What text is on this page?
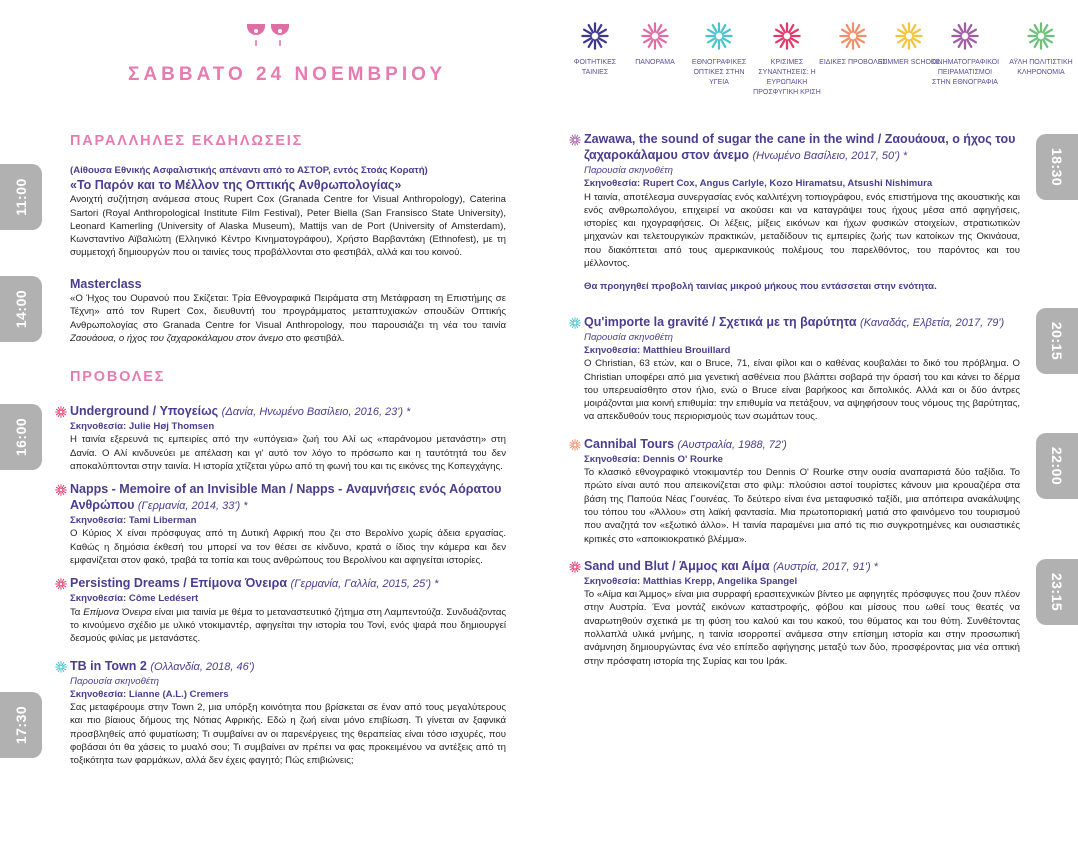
ΣΑΒΒΑΤΟ 24 ΝΟΕΜΒΡΙΟΥ
ΦΟΙΤΗΤΙΚΕΣ ΤΑΙΝΙΕΣ
ΠΑΝΟΡΑΜΑ	ΕΘΝΟΓΡΑΦΙΚΕΣ ΟΠΤΙΚΕΣ ΣΤΗΝ ΥΓΕΙΑ
ΚΡΙΣΙΜΕΣ ΣΥΝΑΝΤΗΣΕΙΣ: Η ΕΥΡΩΠΑΙΚΗ ΠΡΟΣΦΥΓΙΚΗ ΚΡΙΣΗ
ΕΙΔΙΚΕΣ ΠΡΟΒΟΛΕΣ
SUMMER SCHOOL
ΚΙΝΗΜΑΤΟΓΡΑΦΙΚΟΙ ΠΕΙΡΑΜΑΤΙΣΜΟΙ ΣΤΗΝ ΕΘΝΟΓΡΑΦΙΑ
ΑΫΛΗ ΠΟΛΙΤΙΣΤΙΚΗ ΚΛΗΡΟΝΟΜΙΑ
11:00
14:00
16:00
17:30
18:30
20:15
22:00
23:15
ΠΑΡΑΛΛΗΛΕΣ ΕΚΔΗΛΩΣΕΙΣ
ΠΡΟΒΟΛΕΣ
(Αίθουσα Εθνικής Ασφαλιστικής απέναντι από το ΑΣΤΟΡ, εντός Στοάς Κορατή)
«Το Παρόν και το Μέλλον της Οπτικής Ανθρωπολογίας»

Ανοιχτή συζήτηση ανάμεσα στους Rupert Cox (Granada Centre for Visual Anthropology), Caterina Sartori (Royal Anthropological Institute Film Festival), Peter Biella (San Fransisco State University), Leonard Kamerling (University of Alaska Museum), Mattijs van de Port (University of Amsterdam), Κωνσταντίνο Αϊβαλιώτη (Ελληνικό Κέντρο Κινηματογράφου), Χρήστο Βαρβαντάκη (Ethnofest), με τη συμμετοχή δημιουργών που οι ταινίες τους προβάλλονται στο φεστιβάλ, αλλά και του κοινού.

Masterclass

«Ο Ήχος του Ουρανού που Σκίζεται: Τρία Εθνογραφικά Πειράματα στη Μετάφραση τη Επιστήμης σε Τέχνη» από τον Rupert Cox, διευθυντή του προγράμματος μεταπτυχιακών σπουδών Οπτικής Ανθρωπολογίας στο Granada Centre for Visual Anthropology, που παρουσιάζει τη νέα του ταινία Ζαουάουα, ο ήχος του ζαχαροκάλαμου στον άνεμο στο φεστιβάλ.

Underground / Υπογείως (Δανία, Ηνωμένο Βασίλειο, 2016, 23') *
Σκηνοθεσία: Julie Høj Thomsen

Η ταινία εξερευνά τις εμπειρίες από την «υπόγεια» ζωή του Αλί ως «παράνομου μετανάστη» στη Δανία. Ο Αλί κινδυνεύει με απέλαση και γι' αυτό τον λόγο το πρόσωπο και η ταυτότητά του δεν αποκαλύπτονται στην ταινία. Η ιστορία χτίζεται γύρω από τη φωνή του και τις εικόνες της Κοπεγχάγης.

Napps - Memoire of an Invisible Man / Napps - Αναμνήσεις ενός Αόρατου Ανθρώπου (Γερμανία, 2014, 33') *
Σκηνοθεσία: Tami Liberman

Ο Κύριος Χ είναι πρόσφυγας από τη Δυτική Αφρική που ζει στο Βερολίνο χωρίς άδεια εργασίας. Καθώς η δημόσια έκθεσή του μπορεί να τον θέσει σε κίνδυνο, κρατά ο ίδιος την κάμερα και δεν εμφανίζεται στον φακό, τραβά τα τοπία και τους ανθρώπους του Βερολίνου και αφηγείται ιστορίες.

Persisting Dreams / Επίμονα Όνειρα (Γερμανία, Γαλλία, 2015, 25') *
Σκηνοθεσία: Côme Ledésert

Τα Επίμονα Όνειρα είναι μια ταινία με θέμα το μεταναστευτικό ζήτημα στη Λαμπεντούζα. Συνδυάζοντας το κινούμενο σχέδιο με υλικό ντοκιμαντέρ, αφηγείται την ιστορία του Τονί, ενός ψαρά που δημιουργεί δεσμούς φιλίας με μετανάστες.

TB in Town 2 (Ολλανδία, 2018, 46')
Παρουσία σκηνοθέτη
Σκηνοθεσία: Lianne (A.L.) Cremers

Σας μεταφέρουμε στην Town 2, μια υπόρξη κοινότητα που βρίσκεται σε έναν από τους μεγαλύτερους και πιο βίαιους δήμους της Νότιας Αφρικής. Εδώ η ζωή είναι μόνο επιβίωση. Τι γίνεται αν ξαφνικά προσβληθείς από φυματίωση; Τι συμβαίνει αν οι παρενέργειες της θεραπείας είναι τόσο ισχυρές, που φοβάσαι ότι θα χάσεις το μυαλό σου; Τι συμβαίνει αν πρέπει να φας προκειμένου να αντέξεις από τη τοξικότητα των φαρμάκων, αλλά δεν έχεις φαγητό; Πώς επιβιώνεις;

Zawawa, the sound of sugar the cane in the wind / Ζαουάουα, ο ήχος του ζαχαροκάλαμου στον άνεμο (Ηνωμένο Βασίλειο, 2017, 50') *
Παρουσία σκηνοθέτη
Σκηνοθεσία: Rupert Cox, Angus Carlyle, Kozo Hiramatsu, Atsushi Nishimura

Η ταινία, αποτέλεσμα συνεργασίας ενός καλλιτέχνη τοπιογράφου, ενός επιστήμονα της ακουστικής και ενός ανθρωπολόγου, επιχειρεί να ακούσει και να καταγράψει τους ήχους μέσα από αφηγήσεις, ιστορίες και ηχογραφήσεις. Οι λέξεις, μίξεις εικόνων και ήχων φυσικών στοιχείων, στρατιωτικών μηχανών και τελετουργικών πρακτικών, μεταδίδουν τις εμπειρίες ζωής των κατοίκων της Οκινάουα, που διακόπτεται από τους αμερικανικούς πολέμους του παρελθόντος, του παρόντος και του μέλλοντος.

Θα προηγηθεί προβολή ταινίας μικρού μήκους που εντάσσεται στην ενότητα.

Qu'importe la gravité / Σχετικά με τη βαρύτητα (Καναδάς, Ελβετία, 2017, 79')
Παρουσία σκηνοθέτη
Σκηνοθεσία: Matthieu Brouillard

Ο Christian, 63 ετών, και ο Bruce, 71, είναι φίλοι και ο καθένας κουβαλάει το δικό του πρόβλημα. Ο Christian υποφέρει από μια γενετική ασθένεια που βλάπτει σοβαρά την όρασή του και κάνει το δέρμα του υπερευαίσθητο στον ήλιο, ενώ ο Bruce είναι βαρήκοος και διπολικός. Αλλά και οι δύο άντρες μοιράζονται μια κοινή επιθυμία: την επιθυμία να πετάξουν, να αψηφήσουν τους νόμους της βαρύτητας, να απεκδυθούν τους περιορισμούς των σωμάτων τους.

Cannibal Tours (Αυστραλία, 1988, 72')
Σκηνοθεσία: Dennis O' Rourke

Το κλασικό εθνογραφικό ντοκιμαντέρ του Dennis O' Rourke στην ουσία αναπαριστά δύο ταξίδια. Το πρώτο είναι αυτό που απεικονίζεται στο φιλμ: πλούσιοι αστοί τουρίστες κάνουν μια κρουαζιέρα στα βάση της Παπούα Νέας Γουινέας. Το δεύτερο είναι ένα μεταφυσικό ταξίδι, μια απόπειρα ανακάλυψης του τόπου του «Άλλου» στη λαϊκή φαντασία. Μια πρωτοποριακή ματιά στο φαινόμενο του τουρισμού που αναζητά τον «εξωτικό άλλο». Η ταινία παραμένει μια από τις πιο συγκροτημένες και ουσιαστικές κριτικές στο «αποικιοκρατικό βλέμμα».

Sand und Blut / Άμμος και Αίμα (Αυστρία, 2017, 91') *
Σκηνοθεσία: Matthias Krepp, Angelika Spangel

Το «Αίμα και Άμμος» είναι μια συρραφή ερασιτεχνικών βίντεο με αφηγητές πρόσφυγες που ζουν πλέον στην Αυστρία. Ένα μοντάζ εικόνων καταστροφής, φόβου και μίσους που ωθεί τους θεατές να αναρωτηθούν σχετικά με τη φύση του καλού και του κακού, του θύματος και του θύτη. Συνθέτοντας πολλαπλά υλικά μνήμης, η ταινία ισορροπεί ανάμεσα στην επίσημη ιστορία και στην προσωπική ανάμνηση δημιουργώντας ένα νέο επίπεδο αφήγησης μεταξύ των δύο, προσφέροντας μια νέα οπτική στην πρόσφατη ιστορία της Συρίας και του Ιράκ.
